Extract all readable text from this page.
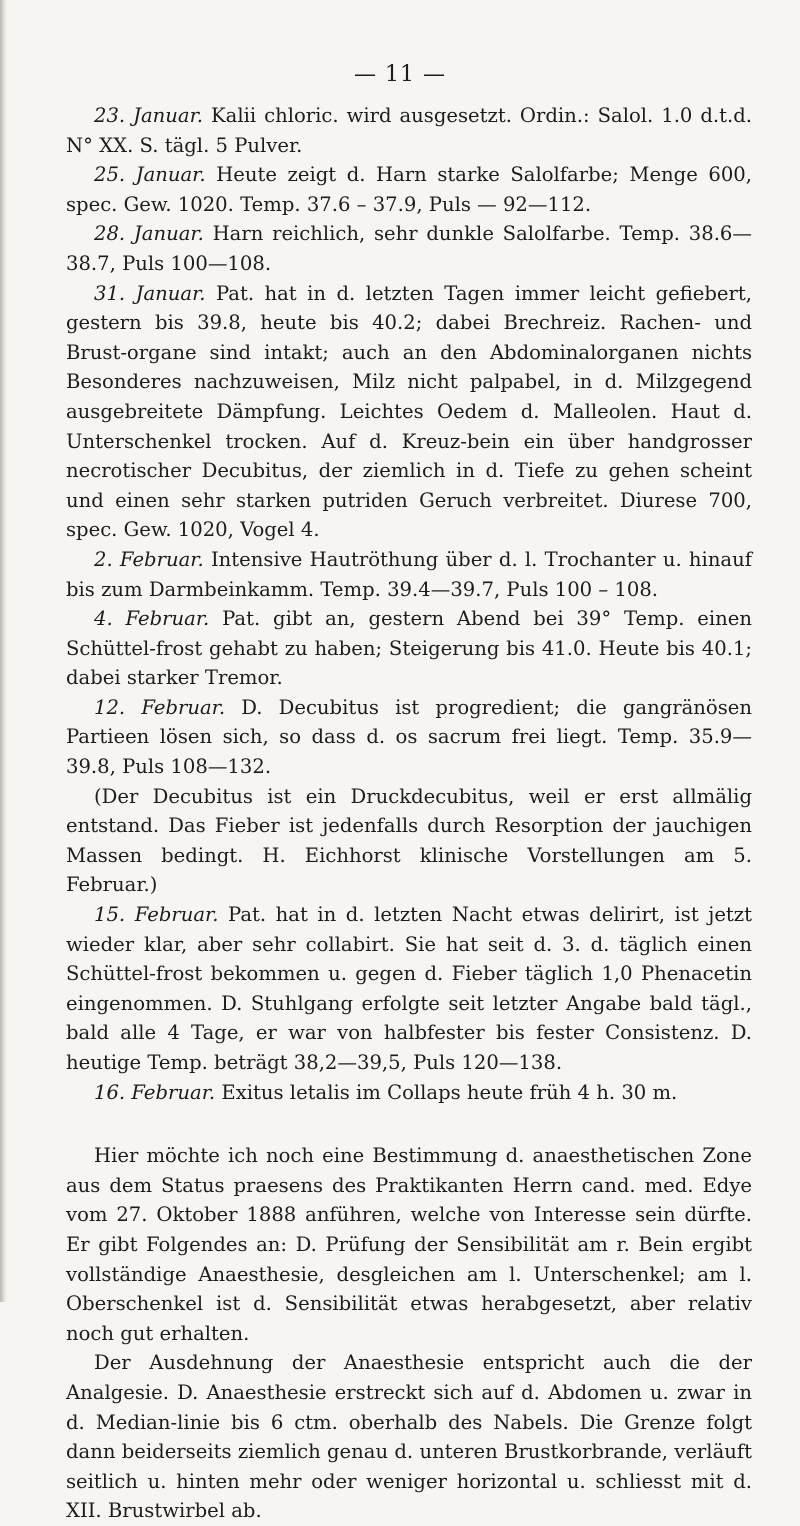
— 11 —

23. Januar. Kalii chloric. wird ausgesetzt. Ordin.: Salol. 1.0 d.t.d. N° XX. S. tägl. 5 Pulver.

25. Januar. Heute zeigt d. Harn starke Salolfarbe; Menge 600, spec. Gew. 1020. Temp. 37.6 – 37.9, Puls — 92—112.

28. Januar. Harn reichlich, sehr dunkle Salolfarbe. Temp. 38.6—38.7, Puls 100—108.

31. Januar. Pat. hat in d. letzten Tagen immer leicht gefiebert, gestern bis 39.8, heute bis 40.2; dabei Brechreiz. Rachen- und Brust-organe sind intakt; auch an den Abdominalorganen nichts Besonderes nachzuweisen, Milz nicht palpabel, in d. Milzgegend ausgebreitete Dämpfung. Leichtes Oedem d. Malleolen. Haut d. Unterschenkel trocken. Auf d. Kreuz-bein ein über handgrosser necrotischer Decubitus, der ziemlich in d. Tiefe zu gehen scheint und einen sehr starken putriden Geruch verbreitet. Diurese 700, spec. Gew. 1020, Vogel 4.

2. Februar. Intensive Hautröthung über d. l. Trochanter u. hinauf bis zum Darmbeinkamm. Temp. 39.4—39.7, Puls 100 – 108.

4. Februar. Pat. gibt an, gestern Abend bei 39° Temp. einen Schüttel-frost gehabt zu haben; Steigerung bis 41.0. Heute bis 40.1; dabei starker Tremor.

12. Februar. D. Decubitus ist progredient; die gangränösen Partieen lösen sich, so dass d. os sacrum frei liegt. Temp. 35.9—39.8, Puls 108—132.

(Der Decubitus ist ein Druckdecubitus, weil er erst allmälig entstand. Das Fieber ist jedenfalls durch Resorption der jauchigen Massen bedingt. H. Eichhorst klinische Vorstellungen am 5. Februar.)

15. Februar. Pat. hat in d. letzten Nacht etwas delirirt, ist jetzt wieder klar, aber sehr collabirt. Sie hat seit d. 3. d. täglich einen Schüttel-frost bekommen u. gegen d. Fieber täglich 1,0 Phenacetin eingenommen. D. Stuhlgang erfolgte seit letzter Angabe bald tägl., bald alle 4 Tage, er war von halbfester bis fester Consistenz. D. heutige Temp. beträgt 38,2—39,5, Puls 120—138.

16. Februar. Exitus letalis im Collaps heute früh 4 h. 30 m.

Hier möchte ich noch eine Bestimmung d. anaesthetischen Zone aus dem Status praesens des Praktikanten Herrn cand. med. Edye vom 27. Oktober 1888 anführen, welche von Interesse sein dürfte. Er gibt Folgendes an: D. Prüfung der Sensibilität am r. Bein ergibt vollständige Anaesthesie, desgleichen am l. Unterschenkel; am l. Oberschenkel ist d. Sensibilität etwas herabgesetzt, aber relativ noch gut erhalten.

Der Ausdehnung der Anaesthesie entspricht auch die der Analgesie. D. Anaesthesie erstreckt sich auf d. Abdomen u. zwar in d. Median-linie bis 6 ctm. oberhalb des Nabels. Die Grenze folgt dann beiderseits ziemlich genau d. unteren Brustkorbrande, verläuft seitlich u. hinten mehr oder weniger horizontal u. schliesst mit d. XII. Brustwirbel ab.
